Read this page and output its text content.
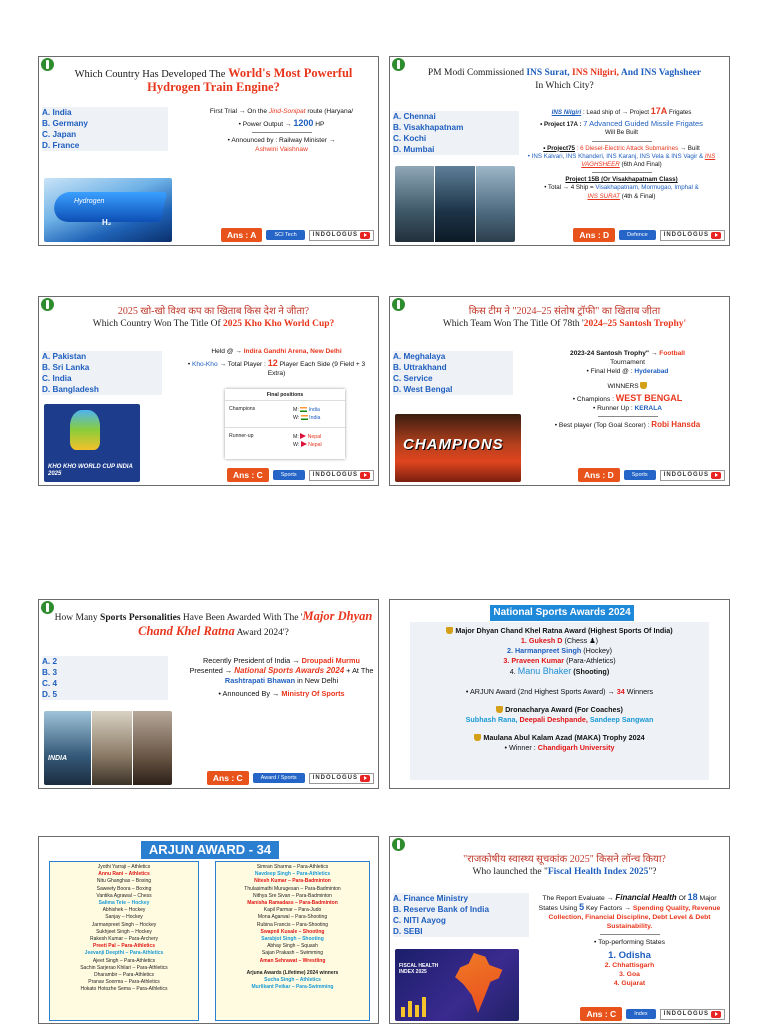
Which Country Has Developed The World's Most Powerful Hydrogen Train Engine?
A. India
B. Germany
C. Japan
D. France
Hydrogen
H₂

First Trial → On the Jind-Sonipat route (Haryana/

• Power Output → 1200 HP

• Announced by : Railway Minister →
Ashwini Vaishnaw

Ans : A	SCI Tech	INDOLOGUS
PM Modi Commissioned INS Surat, INS Nilgiri, And INS Vaghsheer
In Which City?
A. Chennai
B. Visakhapatnam
C. Kochi
D. Mumbai

INS Nilgiri : Lead ship of → Project 17A Frigates

• Project 17A : 7 Advanced Guided Missile Frigates
Will Be Built

• Project75 : 6 Diesel-Electric Attack Submarines → Built
• INS Kalvari, INS Khanderi, INS Karanj, INS Vela & INS Vagir & INS VAGHSHEER (6th And Final)

Project 15B (Or Visakhapatnam Class)
• Total → 4 Ship = Visakhapatnam, Mormugao, Imphal &
INS SURAT (4th & Final)

Ans : D	Defence	INDOLOGUS
2025 खो-खो विश्व कप का खिताब किस देश ने जीता?
Which Country Won The Title Of 2025 Kho Kho World Cup?
A. Pakistan
B. Sri Lanka
C. India
D. Bangladesh
KHO KHO WORLD CUP INDIA 2025

Held @ → Indira Gandhi Arena, New Delhi

• Kho-Kho → Total Player : 12 Player Each Side (9 Field + 3 Extra)

Final positions
Champions	M:  India
W:  India
Runner-up	M:  Nepal
W:  Nepal
Ans : C	Sports	INDOLOGUS
किस टीम ने "2024–25 संतोष ट्रॉफी" का खिताब जीता
Which Team Won The Title Of 78th '2024–25 Santosh Trophy'
A. Meghalaya
B. Uttrakhand
C. Service
D. West Bengal
CHAMPIONS

2023-24 Santosh Trophy" → Football
Tournament
• Final Held @ : Hyderabad

WINNERS

• Champions : WEST BENGAL
• Runner Up : KERALA

• Best player (Top Goal Scorer) : Robi Hansda

Ans : D	Sports	INDOLOGUS
How Many Sports Personalities Have Been Awarded With The 'Major Dhyan Chand Khel Ratna Award 2024'?
A. 2
B. 3
C. 4
D. 5
INDIA

Recently President of India → Droupadi Murmu Presented → National Sports Awards 2024 + At The Rashtrapati Bhawan in New Delhi

• Announced By → Ministry Of Sports

Ans : C	Award / Sports	INDOLOGUS
National Sports Awards 2024
Major Dhyan Chand Khel Ratna Award (Highest Sports Of India)
1. Gukesh D (Chess ♟)
2. Harmanpreet Singh (Hockey)
3. Praveen Kumar (Para-Athletics)
4. Manu Bhaker (Shooting)
• ARJUN Award (2nd Highest Sports Award) → 34 Winners
Dronacharya Award (For Coaches)
Subhash Rana, Deepali Deshpande, Sandeep Sangwan
Maulana Abul Kalam Azad (MAKA) Trophy 2024
• Winner : Chandigarh University
ARJUN AWARD - 34
Jyothi Yarraji – Athletics
Annu Rani – Athletics
Nitu Ghanghas – Boxing
Saweety Boora – Boxing
Vantika Agrawal – Chess
Salima Tete – Hockey
Abhishek – Hockey
Sanjay – Hockey
Jarmanpreet Singh – Hockey
Sukhjeet Singh – Hockey
Rakesh Kumar – Para-Archery
Preeti Pal – Para-Athletics
Jeevanji Deepthi – Para-Athletics
Ajeet Singh – Para-Athletics
Sachin Sarjerao Khilari – Para-Athletics
Dharambir – Para-Athletics
Pranav Soorma – Para-Athletics
Hokato Hotozhe Sema – Para-Athletics
Simran Sharma – Para-Athletics
Navdeep Singh – Para-Athletics
Nitesh Kumar – Para-Badminton
Thulasimathi Murugesan – Para-Badminton
Nithya Sre Sivan – Para-Badminton
Manisha Ramadass – Para-Badminton
Kapil Parmar – Para-Judo
Mona Agarwal – Para-Shooting
Rubina Francis – Para-Shooting
Swapnil Kusale – Shooting
Sarabjot Singh – Shooting
Abhay Singh – Squash
Sajan Prakash – Swimming
Aman Sehrawat – Wrestling
Arjuna Awards (Lifetime) 2024 winners
Sucha Singh – Athletics
Murlikant Petkar – Para-Swimming
"राजकोषीय स्वास्थ्य सूचकांक 2025" किसने लॉन्च किया?
Who launched the "Fiscal Health Index 2025"?
A. Finance Ministry
B. Reserve Bank of India
C. NITI Aayog
D. SEBI
FISCAL HEALTH INDEX 2025

The Report Evaluate → Financial Health Of 18 Major
States Using 5 Key Factors → Spending Quality, Revenue Collection, Financial Discipline, Debt Level & Debt Sustainability.

• Top-performing States

1. Odisha
2. Chhattisgarh
3. Goa
4. Gujarat
Ans : C	Index	INDOLOGUS
